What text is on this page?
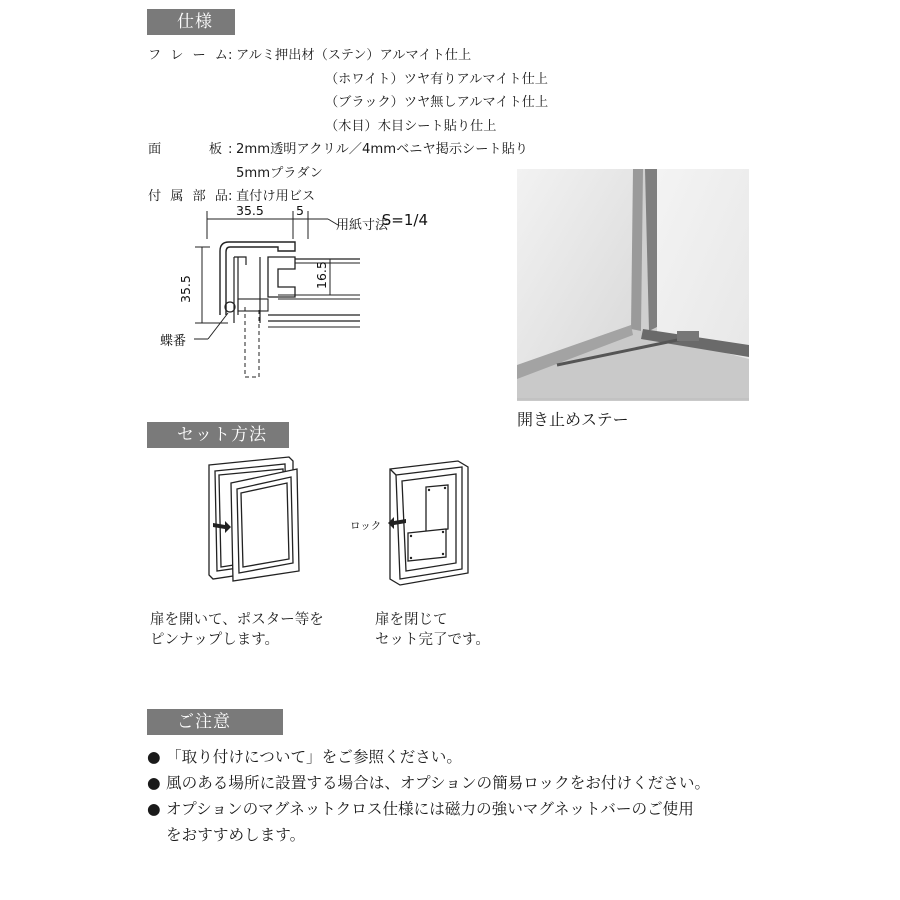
仕様
フ レ ー ム : アルミ押出材（ステン）アルマイト仕上
（ホワイト）ツヤ有りアルマイト仕上
（ブラック）ツヤ無しアルマイト仕上
（木目）木目シート貼り仕上
面	板 : 2mm透明アクリル／4mmベニヤ掲示シート貼り
5mmプラダン
付 属 部 品 : 直付け用ビス
35.5	5
用紙寸法
S=1/4
35.5
16.5
蝶番
開き止めステー
セット方法
ロック
扉を開いて、ポスター等を
ピンナップします。
扉を閉じて
セット完了です。
ご注意
● 「取り付けについて」をご参照ください。
● 風のある場所に設置する場合は、オプションの簡易ロックをお付けください。
● オプションのマグネットクロス仕様には磁力の強いマグネットバーのご使用
をおすすめします。
